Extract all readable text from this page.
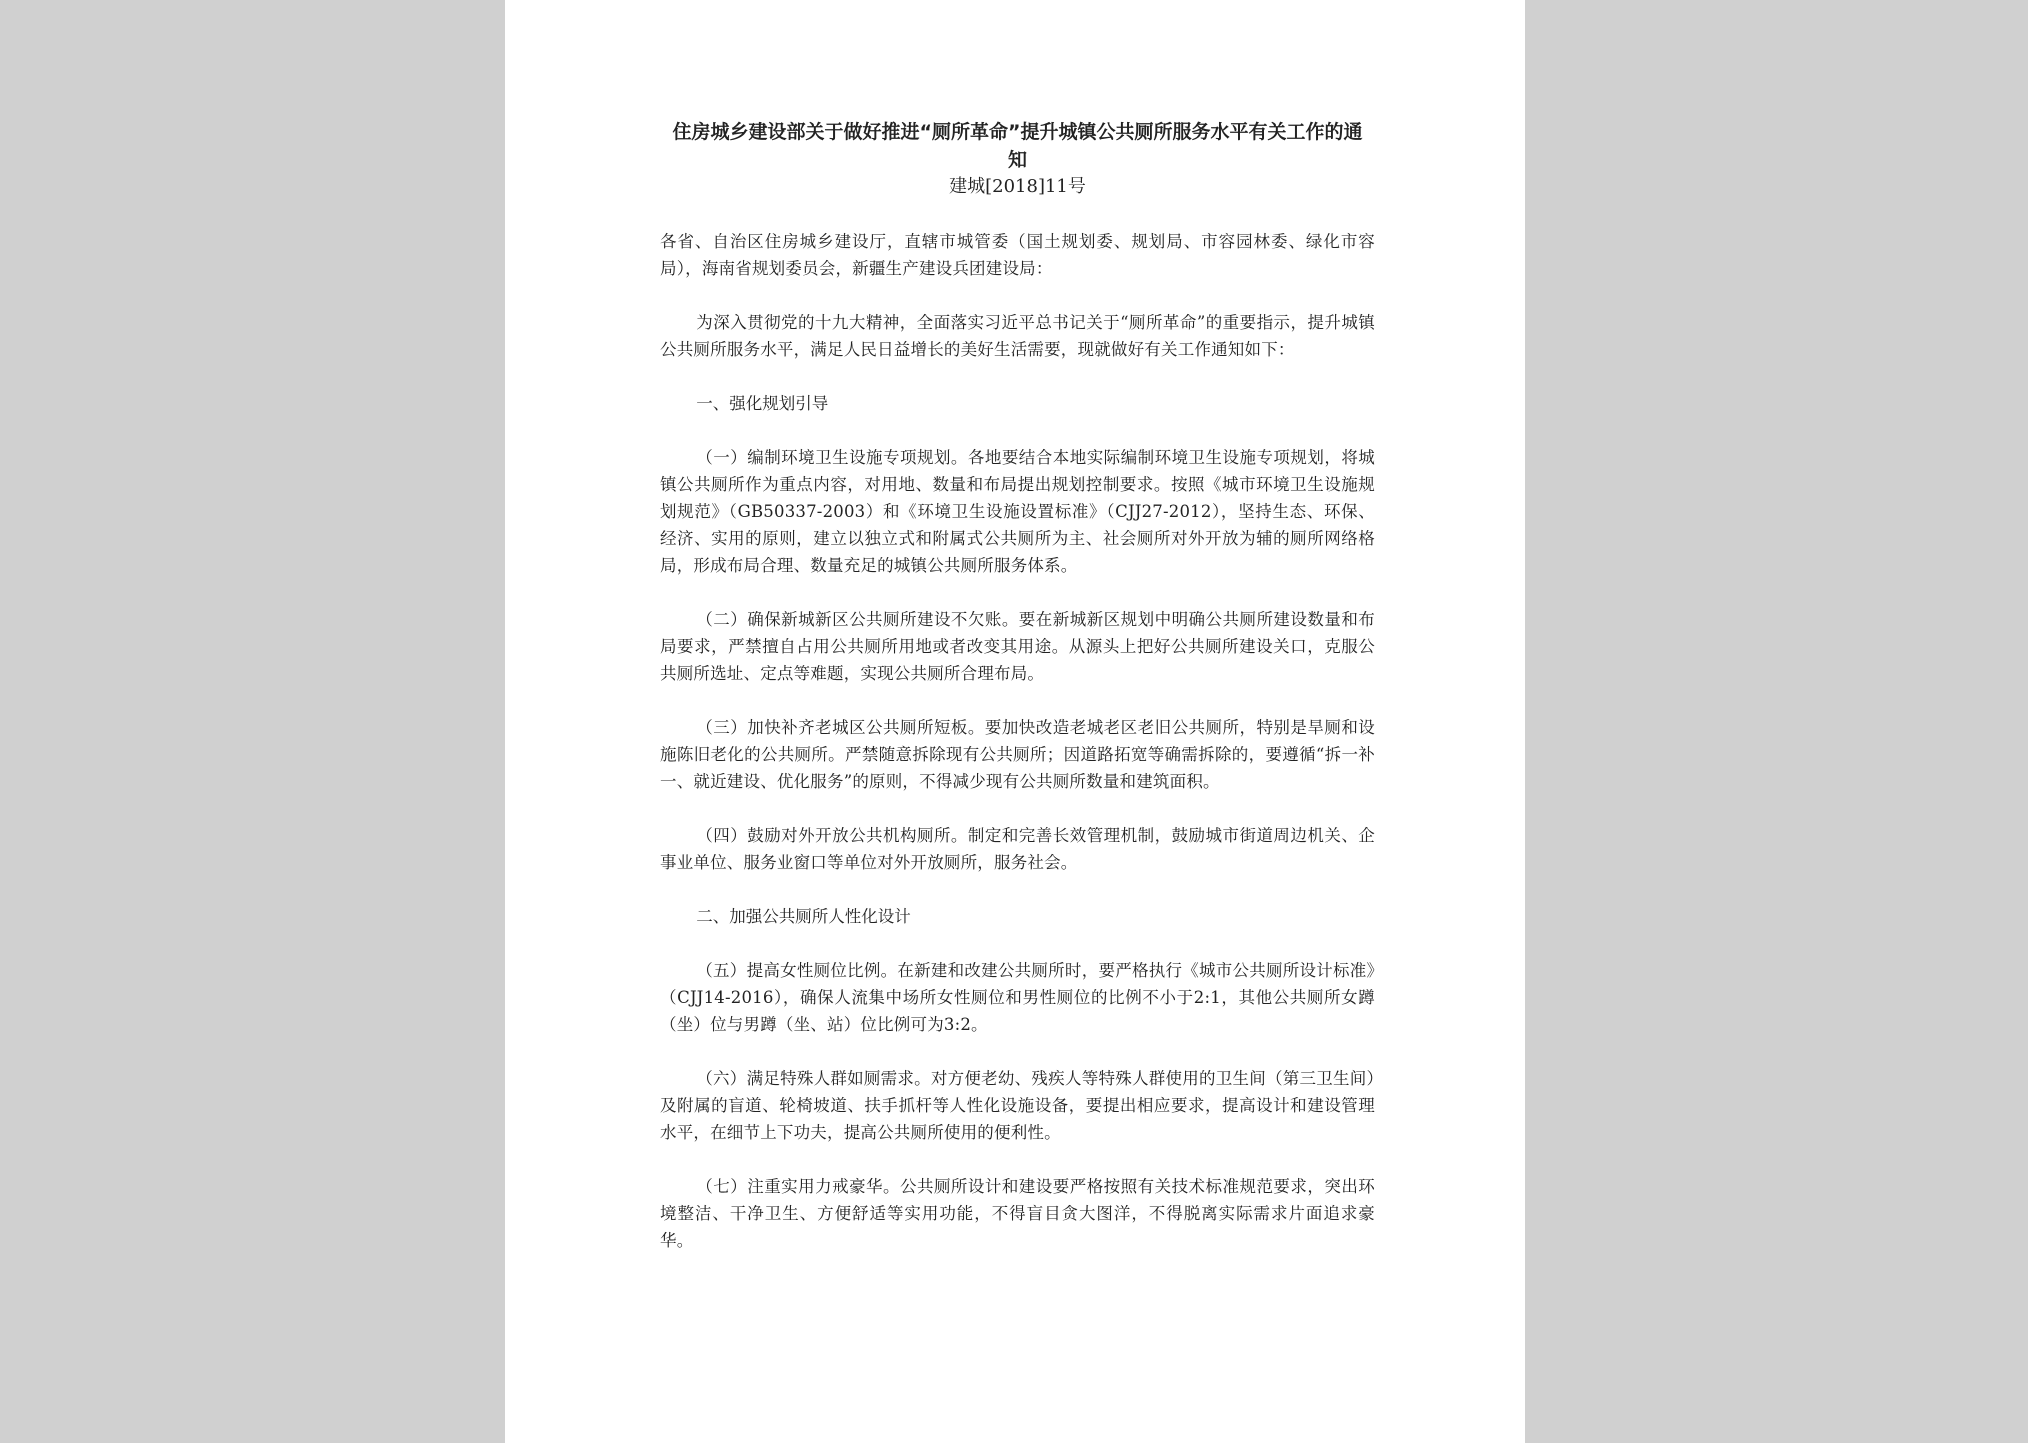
住房城乡建设部关于做好推进“厕所革命”提升城镇公共厕所服务水平有关工作的通知
建城[2018]11号

各省、自治区住房城乡建设厅，直辖市城管委（国土规划委、规划局、市容园林委、绿化市容局），海南省规划委员会，新疆生产建设兵团建设局：

为深入贯彻党的十九大精神，全面落实习近平总书记关于“厕所革命”的重要指示，提升城镇公共厕所服务水平，满足人民日益增长的美好生活需要，现就做好有关工作通知如下：

一、强化规划引导

（一）编制环境卫生设施专项规划。各地要结合本地实际编制环境卫生设施专项规划，将城镇公共厕所作为重点内容，对用地、数量和布局提出规划控制要求。按照《城市环境卫生设施规划规范》（GB50337-2003）和《环境卫生设施设置标准》（CJJ27-2012），坚持生态、环保、经济、实用的原则，建立以独立式和附属式公共厕所为主、社会厕所对外开放为辅的厕所网络格局，形成布局合理、数量充足的城镇公共厕所服务体系。

（二）确保新城新区公共厕所建设不欠账。要在新城新区规划中明确公共厕所建设数量和布局要求，严禁擅自占用公共厕所用地或者改变其用途。从源头上把好公共厕所建设关口，克服公共厕所选址、定点等难题，实现公共厕所合理布局。

（三）加快补齐老城区公共厕所短板。要加快改造老城老区老旧公共厕所，特别是旱厕和设施陈旧老化的公共厕所。严禁随意拆除现有公共厕所；因道路拓宽等确需拆除的，要遵循“拆一补一、就近建设、优化服务”的原则，不得减少现有公共厕所数量和建筑面积。

（四）鼓励对外开放公共机构厕所。制定和完善长效管理机制，鼓励城市街道周边机关、企事业单位、服务业窗口等单位对外开放厕所，服务社会。

二、加强公共厕所人性化设计

（五）提高女性厕位比例。在新建和改建公共厕所时，要严格执行《城市公共厕所设计标准》（CJJ14-2016），确保人流集中场所女性厕位和男性厕位的比例不小于2:1，其他公共厕所女蹲（坐）位与男蹲（坐、站）位比例可为3:2。

（六）满足特殊人群如厕需求。对方便老幼、残疾人等特殊人群使用的卫生间（第三卫生间）及附属的盲道、轮椅坡道、扶手抓杆等人性化设施设备，要提出相应要求，提高设计和建设管理水平，在细节上下功夫，提高公共厕所使用的便利性。

（七）注重实用力戒豪华。公共厕所设计和建设要严格按照有关技术标准规范要求，突出环境整洁、干净卫生、方便舒适等实用功能，不得盲目贪大图洋，不得脱离实际需求片面追求豪华。
